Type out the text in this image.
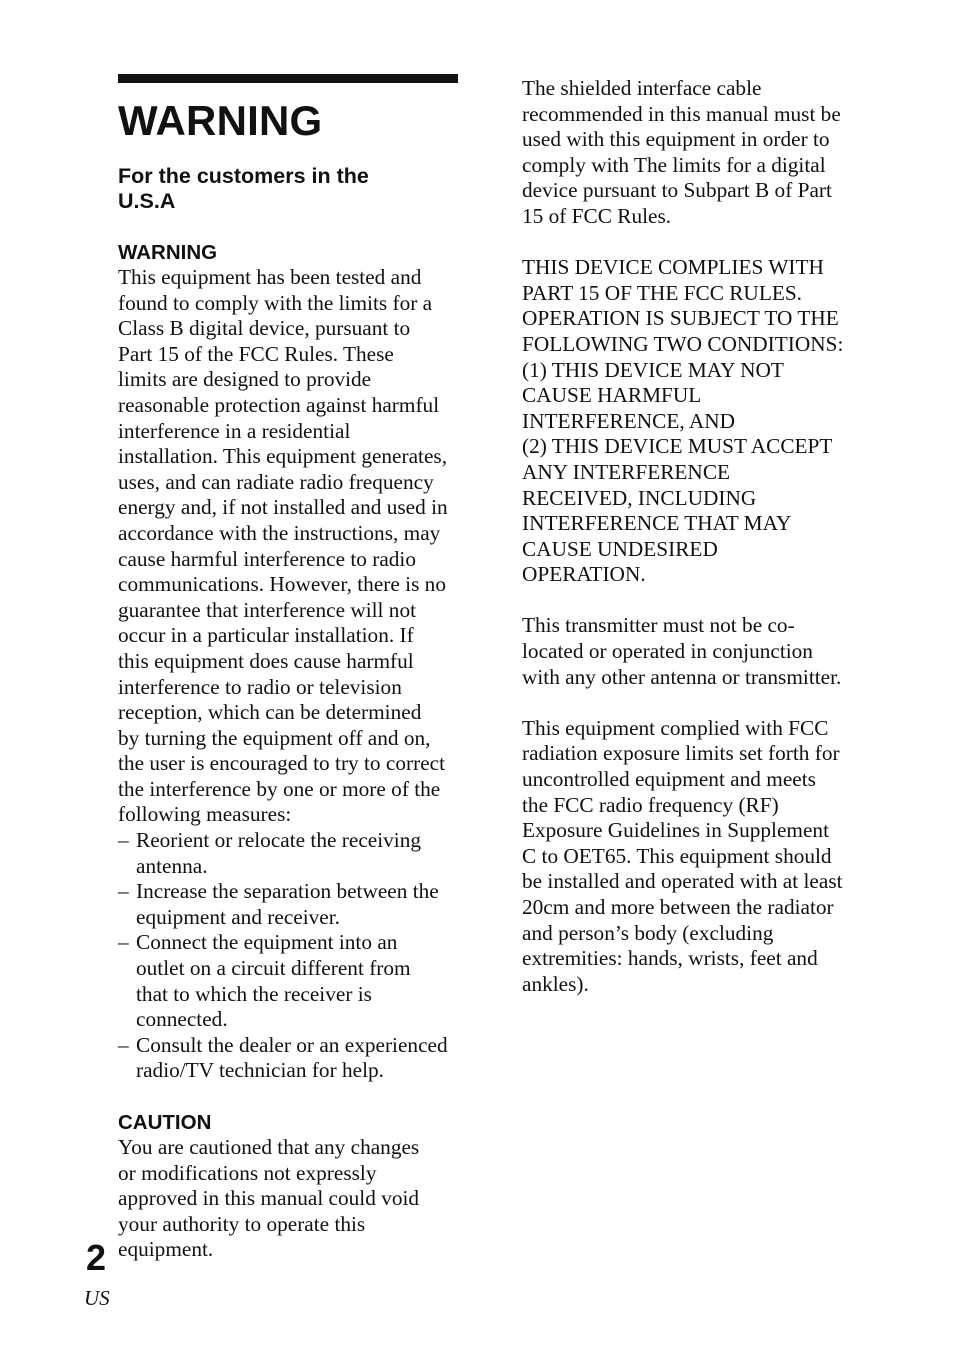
WARNING
For the customers in the
U.S.A
WARNING

This equipment has been tested and
found to comply with the limits for a
Class B digital device, pursuant to
Part 15 of the FCC Rules. These
limits are designed to provide
reasonable protection against harmful
interference in a residential
installation. This equipment generates,
uses, and can radiate radio frequency
energy and, if not installed and used in
accordance with the instructions, may
cause harmful interference to radio
communications. However, there is no
guarantee that interference will not
occur in a particular installation. If
this equipment does cause harmful
interference to radio or television
reception, which can be determined
by turning the equipment off and on,
the user is encouraged to try to correct
the interference by one or more of the
following measures:

– Reorient or relocate the receiving
antenna.
– Increase the separation between the
equipment and receiver.
– Connect the equipment into an
outlet on a circuit different from
that to which the receiver is
connected.
– Consult the dealer or an experienced
radio/TV technician for help.
CAUTION

You are cautioned that any changes
or modifications not expressly
approved in this manual could void
your authority to operate this
equipment.

The shielded interface cable
recommended in this manual must be
used with this equipment in order to
comply with The limits for a digital
device pursuant to Subpart B of Part
15 of FCC Rules.

THIS DEVICE COMPLIES WITH
PART 15 OF THE FCC RULES.
OPERATION IS SUBJECT TO THE
FOLLOWING TWO CONDITIONS:
(1) THIS DEVICE MAY NOT
CAUSE HARMFUL
INTERFERENCE, AND
(2) THIS DEVICE MUST ACCEPT
ANY INTERFERENCE
RECEIVED, INCLUDING
INTERFERENCE THAT MAY
CAUSE UNDESIRED
OPERATION.

This transmitter must not be co-
located or operated in conjunction
with any other antenna or transmitter.

This equipment complied with FCC
radiation exposure limits set forth for
uncontrolled equipment and meets
the FCC radio frequency (RF)
Exposure Guidelines in Supplement
C to OET65. This equipment should
be installed and operated with at least
20cm and more between the radiator
and person’s body (excluding
extremities: hands, wrists, feet and
ankles).

2
US
